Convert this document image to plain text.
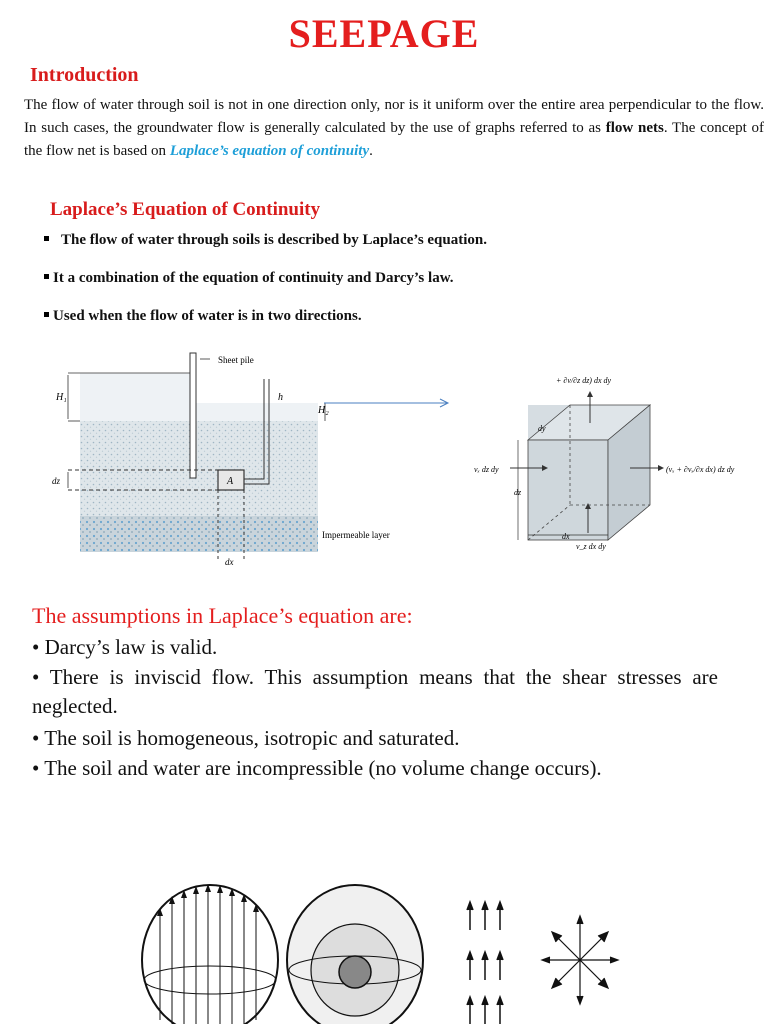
SEEPAGE
Introduction
The flow of water through soil is not in one direction only, nor is it uniform over the entire area perpendicular to the flow. In such cases, the groundwater flow is generally calculated by the use of graphs referred to as flow nets. The concept of the flow net is based on Laplace’s equation of continuity.
Laplace’s Equation of Continuity
The flow of water through soils is described by Laplace’s equation.
It a combination of the equation of continuity and Darcy’s law.
Used when the flow of water is in two directions.
A
H₁
H₂
h
dz
dx
Sheet pile
Impermeable layer
+ ∂v/∂z dz) dx dy
vₓ dz dy	(vₓ + ∂vₓ/∂x dx) dz dy
v_z dx dy
dy
dz
dx
The assumptions in Laplace’s equation are:
• Darcy’s law is valid.
• There is inviscid flow. This assumption means that the shear stresses are neglected.
• The soil is homogeneous, isotropic and saturated.
• The soil and water are incompressible (no volume change occurs).
